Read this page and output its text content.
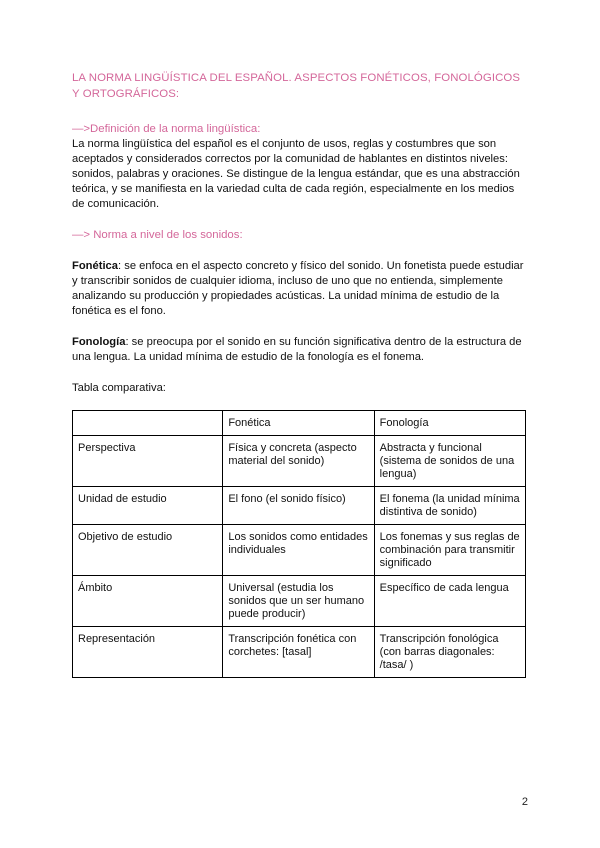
LA NORMA LINGÜÍSTICA DEL ESPAÑOL. ASPECTOS FONÉTICOS, FONOLÓGICOS Y ORTOGRÁFICOS:

—>Definición de la norma lingüística:

La norma lingüística del español es el conjunto de usos, reglas y costumbres que son aceptados y considerados correctos por la comunidad de hablantes en distintos niveles: sonidos, palabras y oraciones. Se distingue de la lengua estándar, que es una abstracción teórica, y se manifiesta en la variedad culta de cada región, especialmente en los medios de comunicación.

—> Norma a nivel de los sonidos:

Fonética: se enfoca en el aspecto concreto y físico del sonido. Un fonetista puede estudiar y transcribir sonidos de cualquier idioma, incluso de uno que no entienda, simplemente analizando su producción y propiedades acústicas. La unidad mínima de estudio de la fonética es el fono.

Fonología: se preocupa por el sonido en su función significativa dentro de la estructura de una lengua. La unidad mínima de estudio de la fonología es el fonema.

Tabla comparativa:

	Fonética	Fonología
Perspectiva	Física y concreta (aspecto material del sonido)	Abstracta y funcional (sistema de sonidos de una lengua)
Unidad de estudio	El fono (el sonido físico)	El fonema (la unidad mínima distintiva de sonido)
Objetivo de estudio	Los sonidos como entidades individuales	Los fonemas y sus reglas de combinación para transmitir significado
Ámbito	Universal (estudia los sonidos que un ser humano puede producir)	Específico de cada lengua
Representación	Transcripción fonética con corchetes: [tasal]	Transcripción fonológica (con barras diagonales: /tasa/ )
2
